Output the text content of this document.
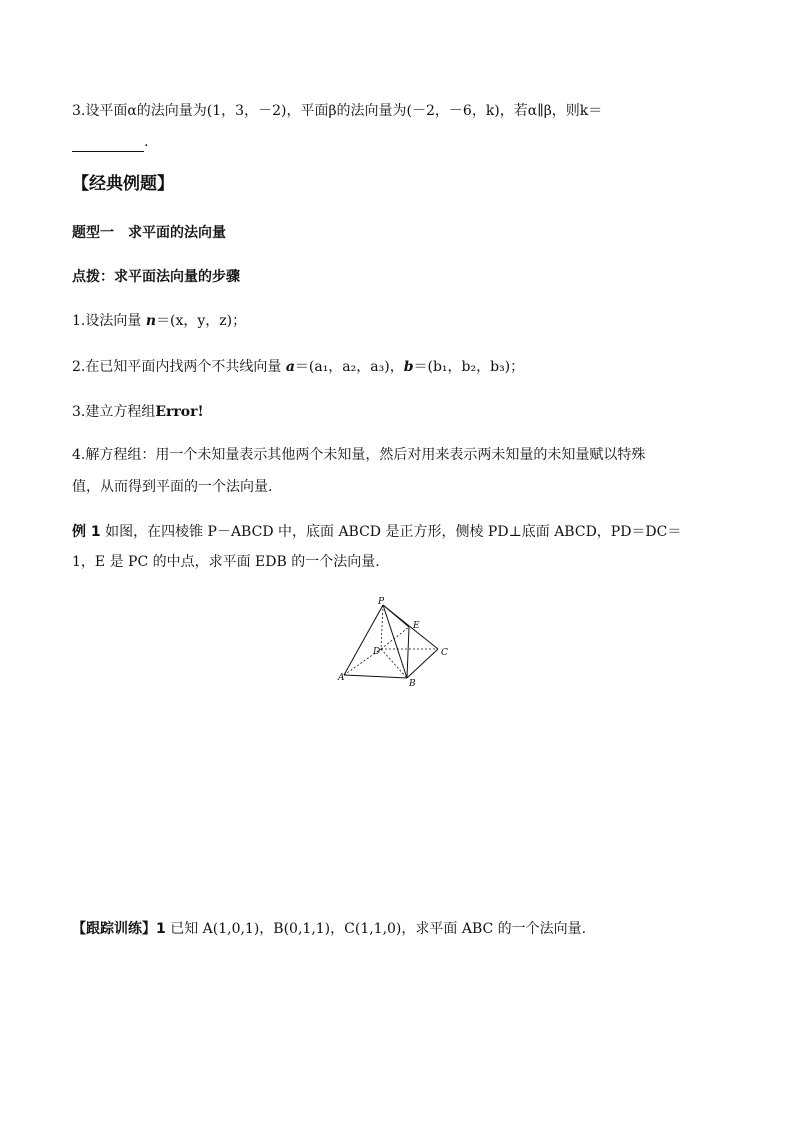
3.设平面α的法向量为(1，3，－2)，平面β的法向量为(－2，－6，k)，若α∥β，则k＝
.
【经典例题】
题型一　求平面的法向量
点拨：求平面法向量的步骤
1.设法向量 n＝(x，y，z)；
2.在已知平面内找两个不共线向量 a＝(a₁，a₂，a₃)，b＝(b₁，b₂，b₃)；
3.建立方程组Error!
4.解方程组：用一个未知量表示其他两个未知量，然后对用来表示两未知量的未知量赋以特殊
值，从而得到平面的一个法向量.
例 1 如图，在四棱锥 P－ABCD 中，底面 ABCD 是正方形，侧棱 PD⊥底面 ABCD，PD＝DC＝
1，E 是 PC 的中点，求平面 EDB 的一个法向量.
P
E
D	C
A
B
【跟踪训练】1 已知 A(1,0,1)，B(0,1,1)，C(1,1,0)，求平面 ABC 的一个法向量.
